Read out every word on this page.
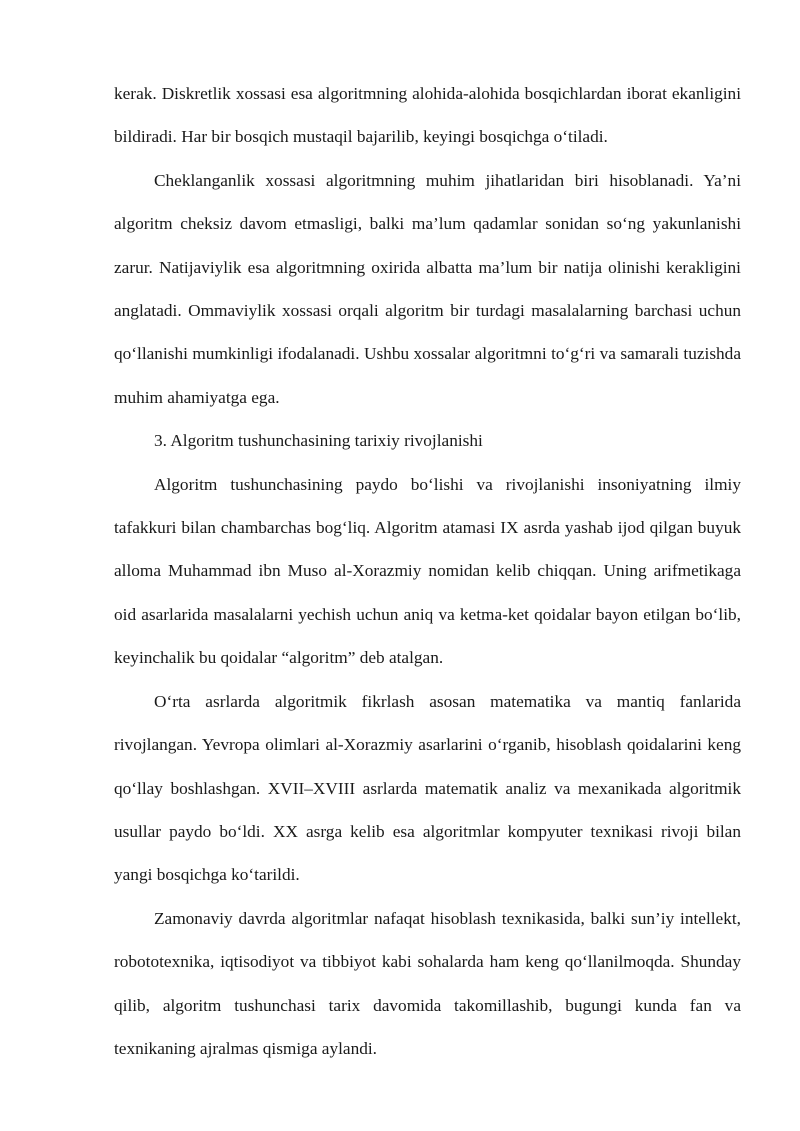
kerak. Diskretlik xossasi esa algoritmning alohida-alohida bosqichlardan iborat ekanligini bildiradi. Har bir bosqich mustaqil bajarilib, keyingi bosqichga o‘tiladi.

Cheklanganlik xossasi algoritmning muhim jihatlaridan biri hisoblanadi. Ya’ni algoritm cheksiz davom etmasligi, balki ma’lum qadamlar sonidan so‘ng yakunlanishi zarur. Natijaviylik esa algoritmning oxirida albatta ma’lum bir natija olinishi kerakligini anglatadi. Ommaviylik xossasi orqali algoritm bir turdagi masalalarning barchasi uchun qo‘llanishi mumkinligi ifodalanadi. Ushbu xossalar algoritmni to‘g‘ri va samarali tuzishda muhim ahamiyatga ega.

3. Algoritm tushunchasining tarixiy rivojlanishi

Algoritm tushunchasining paydo bo‘lishi va rivojlanishi insoniyatning ilmiy tafakkuri bilan chambarchas bog‘liq. Algoritm atamasi IX asrda yashab ijod qilgan buyuk alloma Muhammad ibn Muso al-Xorazmiy nomidan kelib chiqqan. Uning arifmetikaga oid asarlarida masalalarni yechish uchun aniq va ketma-ket qoidalar bayon etilgan bo‘lib, keyinchalik bu qoidalar “algoritm” deb atalgan.

O‘rta asrlarda algoritmik fikrlash asosan matematika va mantiq fanlarida rivojlangan. Yevropa olimlari al-Xorazmiy asarlarini o‘rganib, hisoblash qoidalarini keng qo‘llay boshlashgan. XVII–XVIII asrlarda matematik analiz va mexanikada algoritmik usullar paydo bo‘ldi. XX asrga kelib esa algoritmlar kompyuter texnikasi rivoji bilan yangi bosqichga ko‘tarildi.

Zamonaviy davrda algoritmlar nafaqat hisoblash texnikasida, balki sun’iy intellekt, robototexnika, iqtisodiyot va tibbiyot kabi sohalarda ham keng qo‘llanilmoqda. Shunday qilib, algoritm tushunchasi tarix davomida takomillashib, bugungi kunda fan va texnikaning ajralmas qismiga aylandi.
